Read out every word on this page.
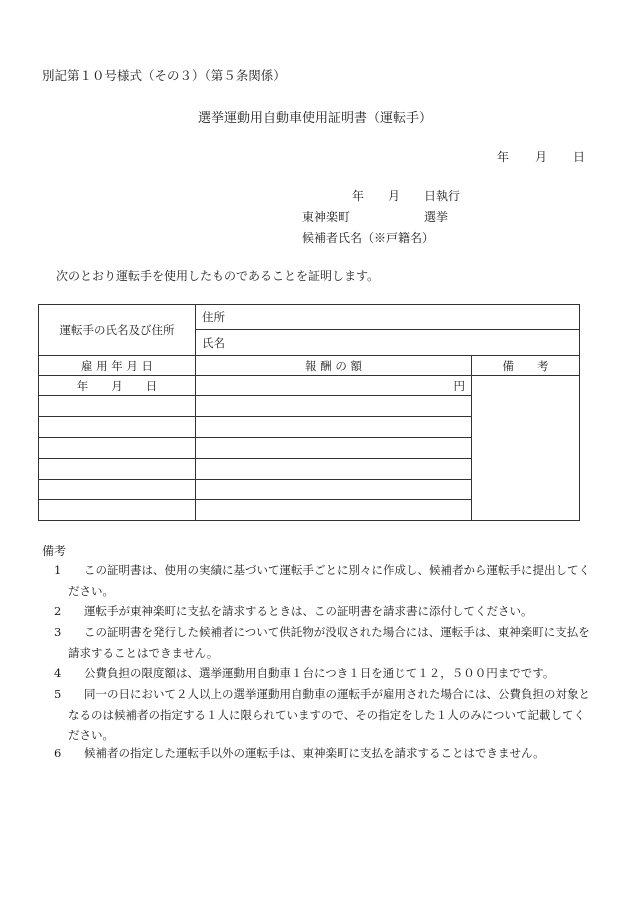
別記第１０号様式（その３）（第５条関係）
選挙運動用自動車使用証明書（運転手）
年 月 日
年　　月　　日執行
東神楽町	選挙
候補者氏名（※戸籍名）
次のとおり運転手を使用したものであることを証明します。
運転手の氏名及び住所	住所	
	氏名	
雇 用 年 月 日	報 酬 の 額	備　　考
年　　月　　日	円	

備考
1	この証明書は、使用の実績に基づいて運転手ごとに別々に作成し、候補者から運転手に提出してください。
2	運転手が東神楽町に支払を請求するときは、この証明書を請求書に添付してください。
3	この証明書を発行した候補者について供託物が没収された場合には、運転手は、東神楽町に支払を請求することはできません。
4	公費負担の限度額は、選挙運動用自動車１台につき１日を通じて１２，５００円までです。
5	同一の日において２人以上の選挙運動用自動車の運転手が雇用された場合には、公費負担の対象となるのは候補者の指定する１人に限られていますので、その指定をした１人のみについて記載してください。
6	候補者の指定した運転手以外の運転手は、東神楽町に支払を請求することはできません。
